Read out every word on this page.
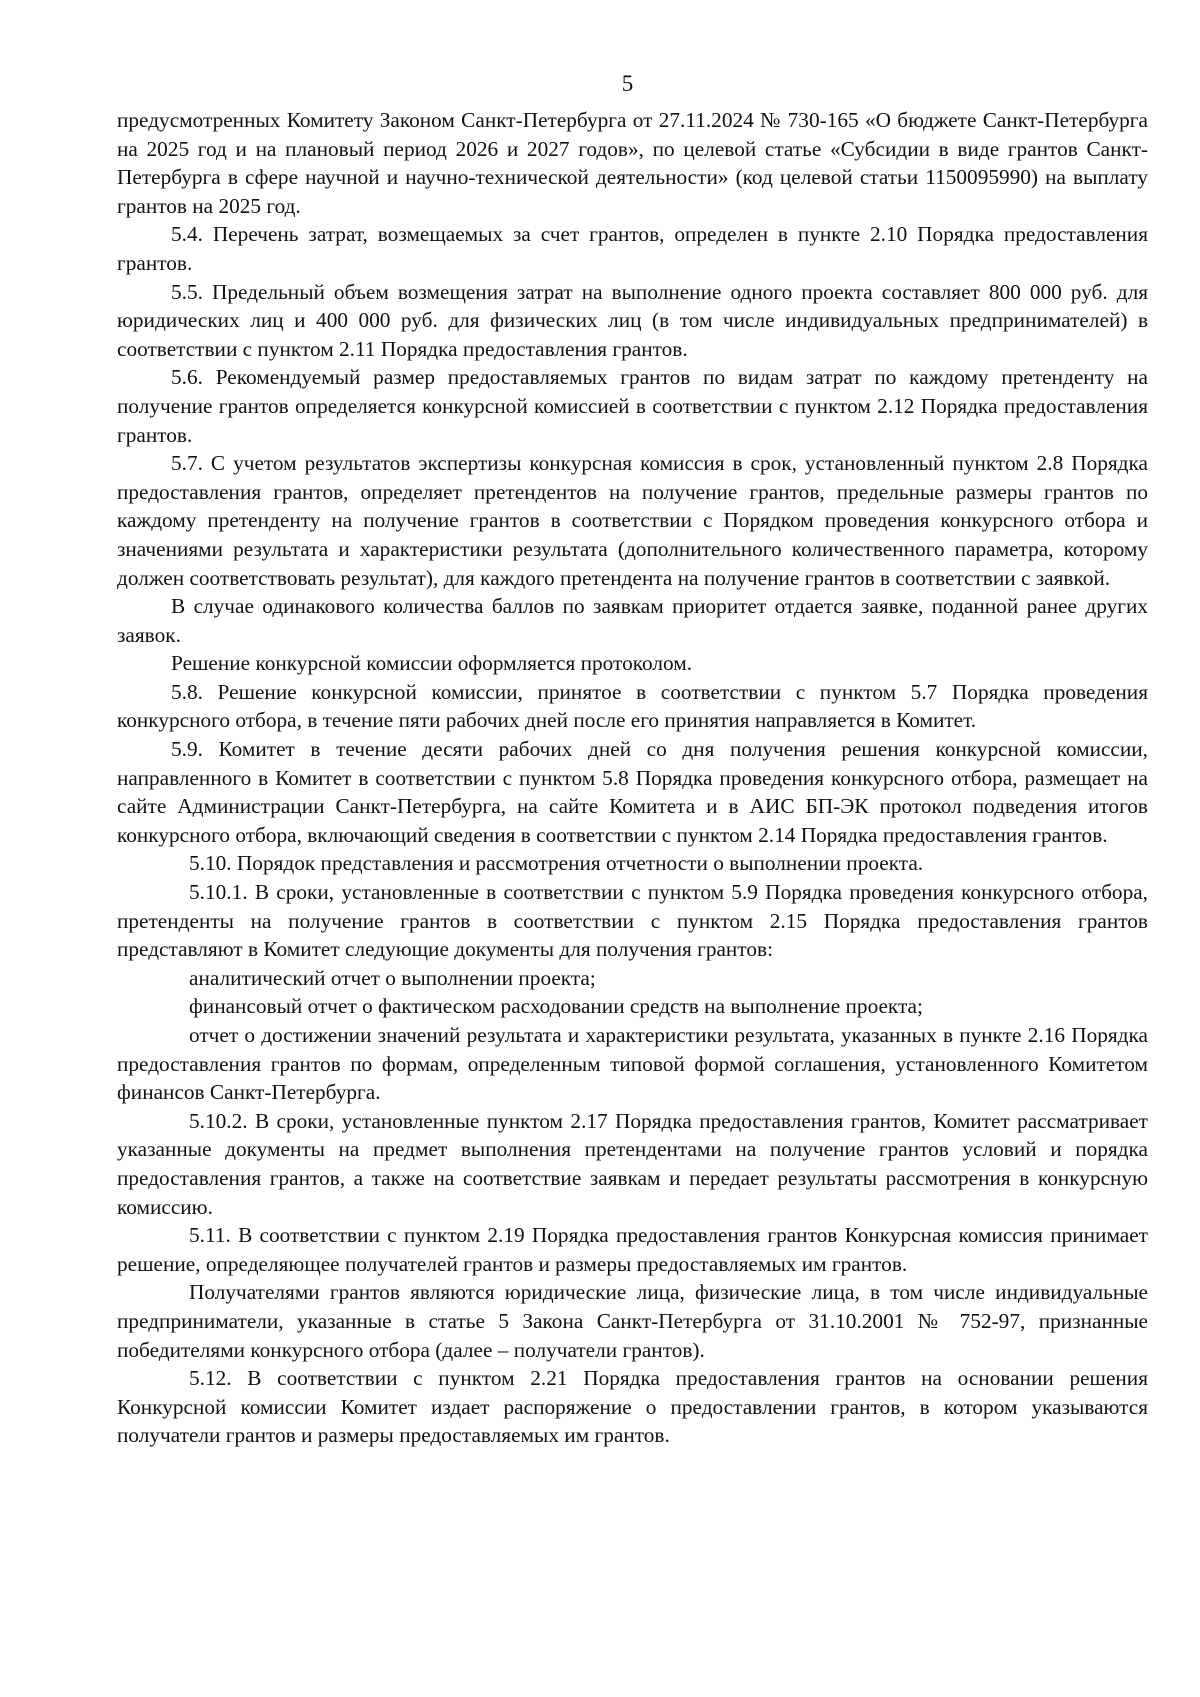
5

предусмотренных Комитету Законом Санкт-Петербурга от 27.11.2024 № 730-165 «О бюджете Санкт-Петербурга на 2025 год и на плановый период 2026 и 2027 годов», по целевой статье «Субсидии в виде грантов Санкт-Петербурга в сфере научной и научно-технической деятельности» (код целевой статьи 1150095990) на выплату грантов на 2025 год.

5.4. Перечень затрат, возмещаемых за счет грантов, определен в пункте 2.10 Порядка предоставления грантов.

5.5. Предельный объем возмещения затрат на выполнение одного проекта составляет 800 000 руб. для юридических лиц и 400 000 руб. для физических лиц (в том числе индивидуальных предпринимателей) в соответствии с пунктом 2.11 Порядка предоставления грантов.

5.6. Рекомендуемый размер предоставляемых грантов по видам затрат по каждому претенденту на получение грантов определяется конкурсной комиссией в соответствии с пунктом 2.12 Порядка предоставления грантов.

5.7. С учетом результатов экспертизы конкурсная комиссия в срок, установленный пунктом 2.8 Порядка предоставления грантов, определяет претендентов на получение грантов, предельные размеры грантов по каждому претенденту на получение грантов в соответствии с Порядком проведения конкурсного отбора и значениями результата и характеристики результата (дополнительного количественного параметра, которому должен соответствовать результат), для каждого претендента на получение грантов в соответствии с заявкой.

В случае одинакового количества баллов по заявкам приоритет отдается заявке, поданной ранее других заявок.

Решение конкурсной комиссии оформляется протоколом.

5.8. Решение конкурсной комиссии, принятое в соответствии с пунктом 5.7 Порядка проведения конкурсного отбора, в течение пяти рабочих дней после его принятия направляется в Комитет.

5.9. Комитет в течение десяти рабочих дней со дня получения решения конкурсной комиссии, направленного в Комитет в соответствии с пунктом 5.8 Порядка проведения конкурсного отбора, размещает на сайте Администрации Санкт-Петербурга, на сайте Комитета и в АИС БП-ЭК протокол подведения итогов конкурсного отбора, включающий сведения в соответствии с пунктом 2.14 Порядка предоставления грантов.

5.10. Порядок представления и рассмотрения отчетности о выполнении проекта.

5.10.1. В сроки, установленные в соответствии с пунктом 5.9 Порядка проведения конкурсного отбора, претенденты на получение грантов в соответствии с пунктом 2.15 Порядка предоставления грантов представляют в Комитет следующие документы для получения грантов:

аналитический отчет о выполнении проекта;

финансовый отчет о фактическом расходовании средств на выполнение проекта;

отчет о достижении значений результата и характеристики результата, указанных в пункте 2.16 Порядка предоставления грантов по формам, определенным типовой формой соглашения, установленного Комитетом финансов Санкт-Петербурга.

5.10.2. В сроки, установленные пунктом 2.17 Порядка предоставления грантов, Комитет рассматривает указанные документы на предмет выполнения претендентами на получение грантов условий и порядка предоставления грантов, а также на соответствие заявкам и передает результаты рассмотрения в конкурсную комиссию.

5.11. В соответствии с пунктом 2.19 Порядка предоставления грантов Конкурсная комиссия принимает решение, определяющее получателей грантов и размеры предоставляемых им грантов.

Получателями грантов являются юридические лица, физические лица, в том числе индивидуальные предприниматели, указанные в статье 5 Закона Санкт-Петербурга от 31.10.2001 № 752-97, признанные победителями конкурсного отбора (далее – получатели грантов).

5.12. В соответствии с пунктом 2.21 Порядка предоставления грантов на основании решения Конкурсной комиссии Комитет издает распоряжение о предоставлении грантов, в котором указываются получатели грантов и размеры предоставляемых им грантов.
